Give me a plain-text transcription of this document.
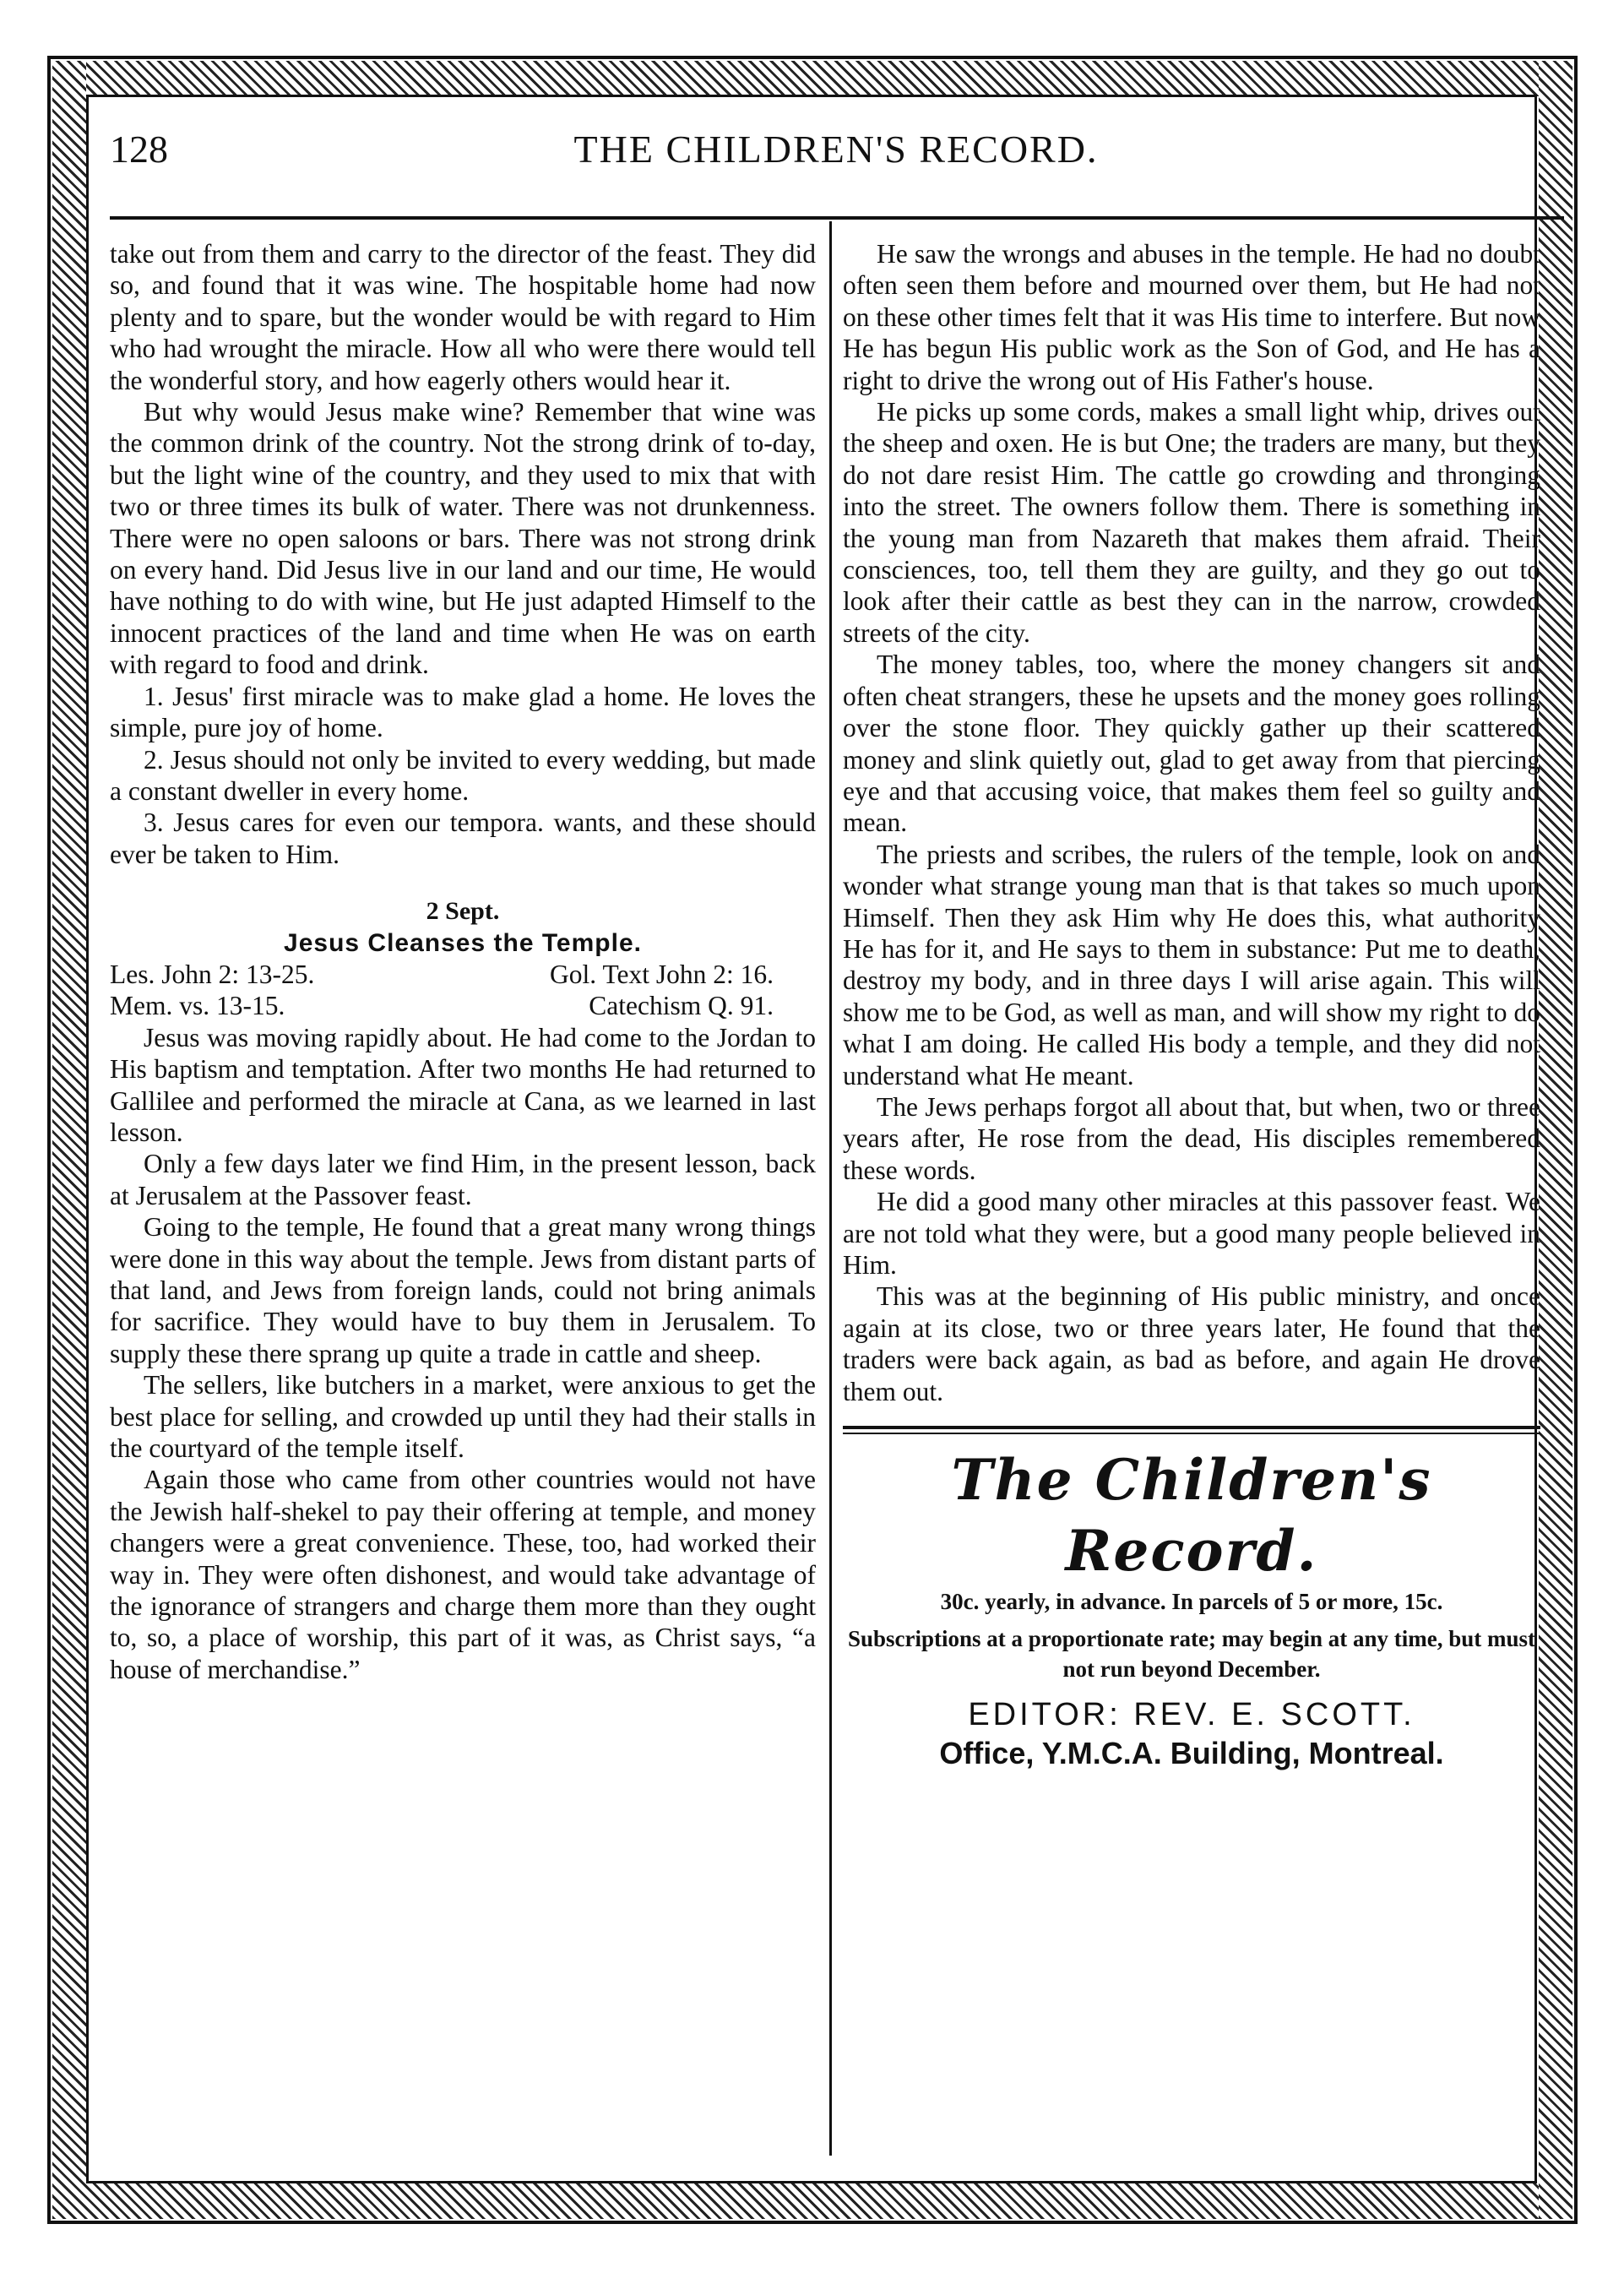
128	THE CHILDREN'S RECORD.

take out from them and carry to the director of the feast. They did so, and found that it was wine. The hospitable home had now plenty and to spare, but the wonder would be with regard to Him who had wrought the miracle. How all who were there would tell the wonderful story, and how eagerly others would hear it.

But why would Jesus make wine? Remember that wine was the common drink of the country. Not the strong drink of to-day, but the light wine of the country, and they used to mix that with two or three times its bulk of water. There was not drunkenness. There were no open saloons or bars. There was not strong drink on every hand. Did Jesus live in our land and our time, He would have nothing to do with wine, but He just adapted Himself to the innocent practices of the land and time when He was on earth with regard to food and drink.

1. Jesus' first miracle was to make glad a home. He loves the simple, pure joy of home.

2. Jesus should not only be invited to every wedding, but made a constant dweller in every home.

3. Jesus cares for even our tempora. wants, and these should ever be taken to Him.

2 Sept.
Jesus Cleanses the Temple.
Les. John 2: 13-25.	Gol. Text John 2: 16.
Mem. vs. 13-15.	Catechism Q. 91.

Jesus was moving rapidly about. He had come to the Jordan to His baptism and temptation. After two months He had returned to Gallilee and performed the miracle at Cana, as we learned in last lesson.

Only a few days later we find Him, in the present lesson, back at Jerusalem at the Passover feast.

Going to the temple, He found that a great many wrong things were done in this way about the temple. Jews from distant parts of that land, and Jews from foreign lands, could not bring animals for sacrifice. They would have to buy them in Jerusalem. To supply these there sprang up quite a trade in cattle and sheep.

The sellers, like butchers in a market, were anxious to get the best place for selling, and crowded up until they had their stalls in the courtyard of the temple itself.

Again those who came from other countries would not have the Jewish half-shekel to pay their offering at temple, and money changers were a great convenience. These, too, had worked their way in. They were often dishonest, and would take advantage of the ignorance of strangers and charge them more than they ought to, so, a place of worship, this part of it was, as Christ says, “a house of merchandise.”

He saw the wrongs and abuses in the temple. He had no doubt often seen them before and mourned over them, but He had not on these other times felt that it was His time to interfere. But now He has begun His public work as the Son of God, and He has a right to drive the wrong out of His Father's house.

He picks up some cords, makes a small light whip, drives out the sheep and oxen. He is but One; the traders are many, but they do not dare resist Him. The cattle go crowding and thronging into the street. The owners follow them. There is something in the young man from Nazareth that makes them afraid. Their consciences, too, tell them they are guilty, and they go out to look after their cattle as best they can in the narrow, crowded streets of the city.

The money tables, too, where the money changers sit and often cheat strangers, these he upsets and the money goes rolling over the stone floor. They quickly gather up their scattered money and slink quietly out, glad to get away from that piercing eye and that accusing voice, that makes them feel so guilty and mean.

The priests and scribes, the rulers of the temple, look on and wonder what strange young man that is that takes so much upon Himself. Then they ask Him why He does this, what authority He has for it, and He says to them in substance: Put me to death, destroy my body, and in three days I will arise again. This will show me to be God, as well as man, and will show my right to do what I am doing. He called His body a temple, and they did not understand what He meant.

The Jews perhaps forgot all about that, but when, two or three years after, He rose from the dead, His disciples remembered these words.

He did a good many other miracles at this passover feast. We are not told what they were, but a good many people believed in Him.

This was at the beginning of His public ministry, and once again at its close, two or three years later, He found that the traders were back again, as bad as before, and again He drove them out.

The Children's Record.
30c. yearly, in advance. In parcels of 5 or more, 15c.
Subscriptions at a proportionate rate; may begin at any time, but must not run beyond December.
EDITOR: REV. E. SCOTT.
Office, Y.M.C.A. Building, Montreal.
